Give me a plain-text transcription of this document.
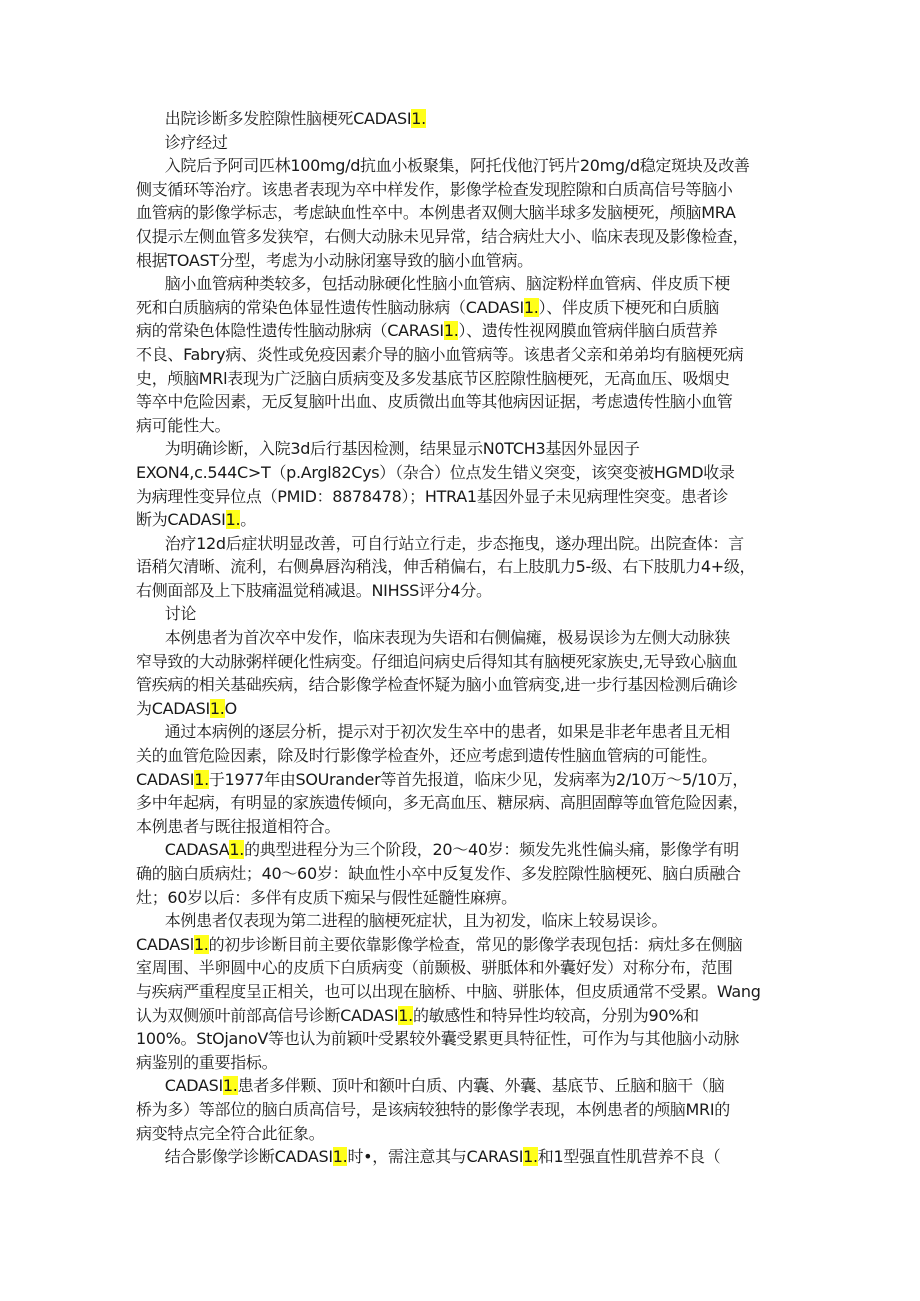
出院诊断多发腔隙性脑梗死CADASI1.
诊疗经过
入院后予阿司匹林100mg/d抗血小板聚集，阿托伐他汀钙片20mg/d稳定斑块及改善
侧支循环等治疗。该患者表现为卒中样发作，影像学检查发现腔隙和白质高信号等脑小
血管病的影像学标志，考虑缺血性卒中。本例患者双侧大脑半球多发脑梗死，颅脑MRA
仅提示左侧血管多发狭窄，右侧大动脉未见异常，结合病灶大小、临床表现及影像检查，
根据TOAST分型，考虑为小动脉闭塞导致的脑小血管病。
脑小血管病种类较多，包括动脉硬化性脑小血管病、脑淀粉样血管病、伴皮质下梗
死和白质脑病的常染色体显性遗传性脑动脉病（CADASI1.）、伴皮质下梗死和白质脑
病的常染色体隐性遗传性脑动脉病（CARASI1.）、遗传性视网膜血管病伴脑白质营养
不良、Fabry病、炎性或免疫因素介导的脑小血管病等。该患者父亲和弟弟均有脑梗死病
史，颅脑MRl表现为广泛脑白质病变及多发基底节区腔隙性脑梗死，无高血压、吸烟史
等卒中危险因素，无反复脑叶出血、皮质微出血等其他病因证据，考虑遗传性脑小血管
病可能性大。
为明确诊断，入院3d后行基因检测，结果显示N0TCH3基因外显因子
EXON4,c.544C>T（p.Argl82Cys）（杂合）位点发生错义突变，该突变被HGMD收录
为病理性变异位点（PMID：8878478）；HTRA1基因外显子未见病理性突变。患者诊
断为CADASI1.。
治疗12d后症状明显改善，可自行站立行走，步态拖曳，遂办理出院。出院查体：言
语稍欠清晰、流利，右侧鼻唇沟稍浅，伸舌稍偏右，右上肢肌力5-级、右下肢肌力4+级，
右侧面部及上下肢痛温觉稍减退。NIHSS评分4分。
讨论
本例患者为首次卒中发作，临床表现为失语和右侧偏瘫，极易误诊为左侧大动脉狭
窄导致的大动脉粥样硬化性病变。仔细追问病史后得知其有脑梗死家族史,无导致心脑血
管疾病的相关基础疾病，结合影像学检查怀疑为脑小血管病变,进一步行基因检测后确诊
为CADASI1.O
通过本病例的逐层分析，提示对于初次发生卒中的患者，如果是非老年患者且无相
关的血管危险因素，除及时行影像学检查外，还应考虑到遗传性脑血管病的可能性。
CADASI1.于1977年由SOUrander等首先报道，临床少见，发病率为2/10万～5/10万，
多中年起病，有明显的家族遗传倾向，多无高血压、糖尿病、高胆固醇等血管危险因素，
本例患者与既往报道相符合。
CADASA1.的典型进程分为三个阶段，20～40岁：频发先兆性偏头痛，影像学有明
确的脑白质病灶；40～60岁：缺血性小卒中反复发作、多发腔隙性脑梗死、脑白质融合
灶；60岁以后：多伴有皮质下痴呆与假性延髓性麻痹。
本例患者仅表现为第二进程的脑梗死症状，且为初发，临床上较易误诊。
CADASl1.的初步诊断目前主要依靠影像学检查，常见的影像学表现包括：病灶多在侧脑
室周围、半卵圆中心的皮质下白质病变（前颞极、骈胝体和外囊好发）对称分布，范围
与疾病严重程度呈正相关，也可以出现在脑桥、中脑、骈胀体，但皮质通常不受累。Wang
认为双侧颁叶前部高信号诊断CADASI1.的敏感性和特异性均较高，分别为90%和
100%。StOjanoV等也认为前颖叶受累较外囊受累更具特征性，可作为与其他脑小动脉
病鉴别的重要指标。
CADASI1.患者多伴颗、顶叶和额叶白质、内囊、外囊、基底节、丘脑和脑干（脑
桥为多）等部位的脑白质高信号，是该病较独特的影像学表现，本例患者的颅脑MRI的
病变特点完全符合此征象。
结合影像学诊断CADASI1.时•，需注意其与CARASI1.和1型强直性肌营养不良（
